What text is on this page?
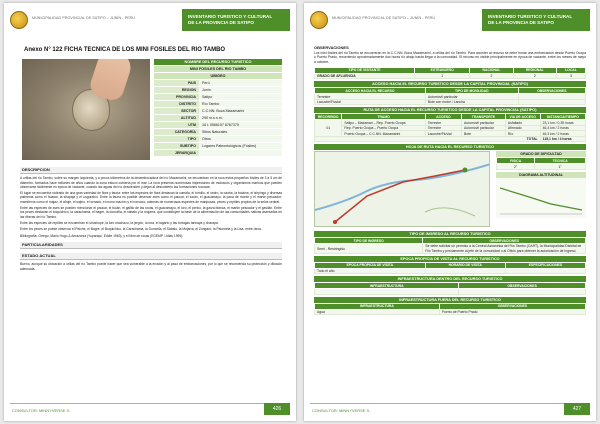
MUNICIPALIDAD PROVINCIAL DE SATIPO – JUNÍN - PERÚ	INVENTARIO TURISTICO Y CULTURAL
DE LA PROVINCIA DE SATIPO
Anexo N° 122 FICHA TECNICA DE LOS MINI FOSILES DEL RIO TAMBO
NOMBRE DEL RECURSO TURISTICO
MINI FOSILES DEL RIO TAMBO
UBIGEO
PAIS	Perú
REGION	Junín
PROVINCIA	Satipo
DISTRITO	Río Tambo
SECTOR	C.C.NN. Boca Mazamarini
ALTITUD	290 m.s.n.m.
UTM	18 L 0566107 8767375
CATEGORÍA	Sitios Naturales
TIPO	Otros
SUBTIPO	Lugares Paleontológicos (Fósiles)
JERARQUIA
DESCRIPCION

A orillas del río Tambo, sobre su margen izquierda, y a pocos kilómetros de la desembocadura del río Mazamarini, se encuentran en la roca estos pequeños fósiles de 3 a 5 cm de diámetro, formados hace millones de años cuando la zona estuvo cubierta por el mar. La roca presenta numerosas impresiones de moluscos y organismos marinos que pueden observarse fácilmente en época de vaciante, cuando las aguas del río descienden y dejan al descubierto las formaciones rocosas.

El lugar se encuentra rodeado de una gran variedad de flora y fauna: entre las especies de flora destacan la cumala, el tornillo, el cedro, la caoba, la bolaina, el ishpingo y diversas palmeras como el huasaí, la shapaja y el ungurahui. Entre la fauna es posible observar aves como el paucar, el tucán, el guacamayo, la pava de monte y el martín pescador; mamíferos como el majaz, el añuje, el sajino, el venado, el mono machín y el ronsoco; además de numerosas especies de mariposas, peces y reptiles propios de la selva central.

Entre las especies de aves se pueden mencionar el paucar, el tucán, el gallito de las rocas, el guacamayo, el loro, el perico, la garza blanca, el martín pescador y el gavilán. Entre los peces destacan el boquichico, la carachama, el bagre, la doncella, el sábalo y la mojarra, que constituyen la base de la alimentación de las comunidades nativas asentadas en las riberas del río Tambo.

Entre las especies de reptiles se encuentran el shushupe, la loro machaco, la jergón, la boa, el lagarto y las tortugas taricaya y charapa.

Entre los peces se puede observar el Paiche, el Bagre, el Boquichico, la Carachama, la Doncella, el Sábalo, la Mojarra, el Zúngaro, la Palometa y la Lisa, entre otros.

Bibliografía: Orrego, Mario Hugo & Amazonía (Yupanqui, Eddie 1963); y el libro de rocas (EGEMP / Atlas 1995).

PARTICULARIDADES
ESTADO ACTUAL

Bueno, aunque su ubicación a orillas del río Tambo puede hacer que sea vulnerable a la erosión y al paso de embarcaciones, por lo que se recomienda su protección y difusión adecuada.

CONSULTOR: MINNYVERSE S.	426
MUNICIPALIDAD PROVINCIAL DE SATIPO – JUNÍN - PERÚ	INVENTARIO TURISTICO Y CULTURAL
DE LA PROVINCIA DE SATIPO
OBSERVACIONES

Los mini fósiles del río Tambo se encuentran en la C.C.NN. Boca Mazamarini, a orillas del río Tambo. Para acceder al recurso se debe tomar una embarcación desde Puerto Ocopa o Puerto Prado, recorriendo aproximadamente dos horas río abajo hasta llegar a la comunidad. El recurso es visible principalmente en época de vaciante, entre los meses de mayo a octubre.

TIPO DE VISITANTE	EXTRANJERO	NACIONAL	REGIONAL	LOCAL
GRADO DE AFLUENCIA	1	2	2	3
ACCESO HACIA EL RECURSO TURISTICO DESDE LA CAPITAL PROVINCIAL (SATIPO)
ACCESO HACIA EL RECURSO	TIPO DE MOVILIDAD	OBSERVACIONES
Terrestre	Automóvil particular	
Lacustre/Fluvial	Bote con motor / Lancha	
RUTA DE ACCESO HACIA EL RECURSO TURISTICO DESDE LA CAPITAL PROVINCIAL (SATIPO)
RECORRIDO	TRAMO	ACCESO	TRANSPORTE	VIA DE ACCESO	DISTANCIA/TIEMPO
01	Satipo – Mazamari – Rep. Puerto Ocopa	Terrestre	Automóvil particular	Asfaltado	23,1 km / 0,35 horas
	Rep. Puerto Ocopa – Puerto Ocopa	Terrestre	Automóvil particular	Afirmado	46,4 km / 2 horas
	Puerto Ocopa – C.C.NN. Mazamarini	Lacustre/Fluvial	Bote	Río	46,3 km / 2 horas
TOTAL					115,1 km / 4 horas
HOJA DE RUTA HACIA EL RECURSO TURISTICO
GRADO DE DIFICULTAD
FISICA	TECNICA
2°	1°
DIAGRAMA ALTITUDINAL
TIPO DE INGRESO AL RECURSO TURISTICO
TIPO DE INGRESO	OBSERVACIONES
Semi - Restringido	Se debe solicitar un permiso a la Central Asháninka del Río Tambo (CART), la Municipalidad Distrital de Río Tambo y previamente al jefe de la comunidad o al Oficio para obtener la autorización de ingreso.
EPOCA PROPICIA DE VISITA AL RECURSO TURISTICO
EPOCA PROPICIA DE VISITA	HORARIO DE VISITA	ESPECIFICACIONES
Todo el año		
INFRAESTRUCTURA DENTRO DEL RECURSO TURISTICO
INFRAESTRUCTURA	OBSERVACIONES

INFRAESTRUCTURA FUERA DEL RECURSO TURISTICO
INFRAESTRUCTURA	OBSERVACIONES
Agua	Puerto de Puerto Prado
CONSULTOR: MINNYVERSE S.	427
